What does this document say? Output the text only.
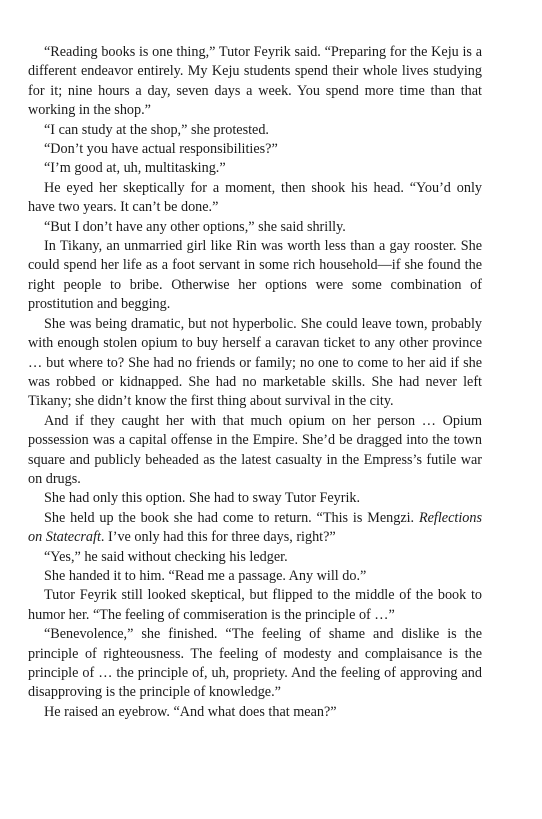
“Reading books is one thing,” Tutor Feyrik said. “Preparing for the Keju is a different endeavor entirely. My Keju students spend their whole lives studying for it; nine hours a day, seven days a week. You spend more time than that working in the shop.”

“I can study at the shop,” she protested.

“Don’t you have actual responsibilities?”

“I’m good at, uh, multitasking.”

He eyed her skeptically for a moment, then shook his head. “You’d only have two years. It can’t be done.”

“But I don’t have any other options,” she said shrilly.

In Tikany, an unmarried girl like Rin was worth less than a gay rooster. She could spend her life as a foot servant in some rich household—if she found the right people to bribe. Otherwise her options were some combination of prostitution and begging.

She was being dramatic, but not hyperbolic. She could leave town, probably with enough stolen opium to buy herself a caravan ticket to any other province … but where to? She had no friends or family; no one to come to her aid if she was robbed or kidnapped. She had no marketable skills. She had never left Tikany; she didn’t know the first thing about survival in the city.

And if they caught her with that much opium on her person … Opium possession was a capital offense in the Empire. She’d be dragged into the town square and publicly beheaded as the latest casualty in the Empress’s futile war on drugs.

She had only this option. She had to sway Tutor Feyrik.

She held up the book she had come to return. “This is Mengzi. Reflections on Statecraft. I’ve only had this for three days, right?”

“Yes,” he said without checking his ledger.

She handed it to him. “Read me a passage. Any will do.”

Tutor Feyrik still looked skeptical, but flipped to the middle of the book to humor her. “The feeling of commiseration is the principle of …”

“Benevolence,” she finished. “The feeling of shame and dislike is the principle of righteousness. The feeling of modesty and complaisance is the principle of … the principle of, uh, propriety. And the feeling of approving and disapproving is the principle of knowledge.”

He raised an eyebrow. “And what does that mean?”
